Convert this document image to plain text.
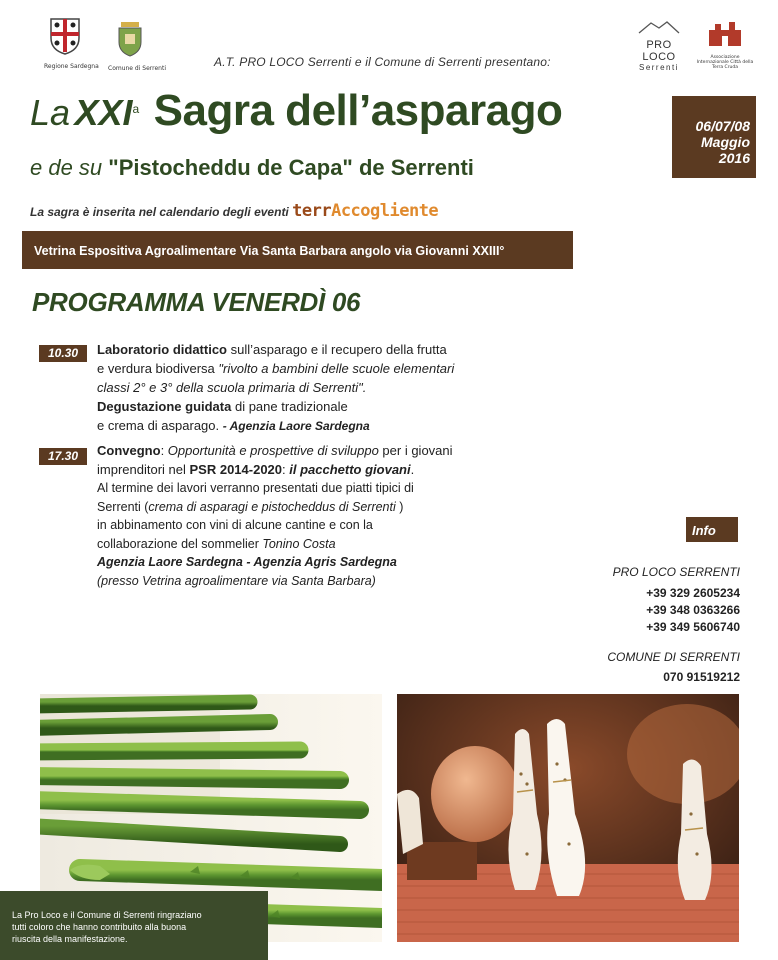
Regione Sardegna Comune di Serrenti
PRO LOCO
Serrenti
Associazione Internazionale Città della Terra Cruda
A.T. PRO LOCO Serrenti e il Comune di Serrenti presentano:
La XXI$^a$ Sagra dell’asparago
e de su "Pistocheddu de Capa" de Serrenti
06/07/08
Maggio
2016
La sagra è inserita nel calendario degli eventi terrAccogliente
Vetrina Espositiva Agroalimentare Via Santa Barbara angolo via Giovanni XXIII°
PROGRAMMA VENERDÌ 06
10.30	Laboratorio didattico sull’asparago e il recupero della frutta
e verdura biodiversa "rivolto a bambini delle scuole elementari
classi 2° e 3° della scuola primaria di Serrenti".
Degustazione guidata di pane tradizionale
e crema di asparago. - Agenzia Laore Sardegna
17.30	Convegno: Opportunità e prospettive di sviluppo per i giovani
imprenditori nel PSR 2014-2020: il pacchetto giovani.
Al termine dei lavori verranno presentati due piatti tipici di
Serrenti (crema di asparagi e pistocheddus di Serrenti )
in abbinamento con vini di alcune cantine e con la
collaborazione del sommelier Tonino Costa
Agenzia Laore Sardegna - Agenzia Agris Sardegna
(presso Vetrina agroalimentare via Santa Barbara)
Info
PRO LOCO SERRENTI
+39 329 2605234
+39 348 0363266
+39 349 5606740
COMUNE DI SERRENTI
070 91519212
La Pro Loco e il Comune di Serrenti ringraziano
tutti coloro che hanno contribuito alla buona
riuscita della manifestazione.
